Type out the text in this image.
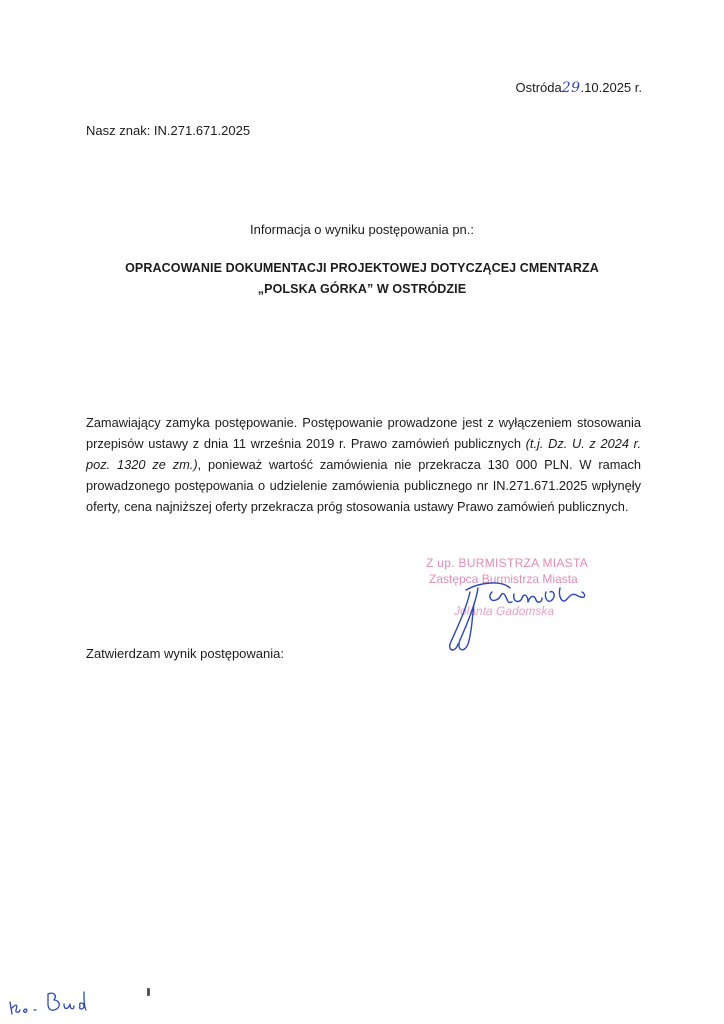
Ostróda29.10.2025 r.
Nasz znak: IN.271.671.2025
Informacja o wyniku postępowania pn.:
OPRACOWANIE DOKUMENTACJI PROJEKTOWEJ DOTYCZĄCEJ CMENTARZA
„POLSKA GÓRKA” W OSTRÓDZIE
Zamawiający zamyka postępowanie. Postępowanie prowadzone jest z wyłączeniem stosowania przepisów ustawy z dnia 11 września 2019 r. Prawo zamówień publicznych (t.j. Dz. U. z 2024 r. poz. 1320 ze zm.), ponieważ wartość zamówienia nie przekracza 130 000 PLN. W ramach prowadzonego postępowania o udzielenie zamówienia publicznego nr IN.271.671.2025 wpłynęły oferty, cena najniższej oferty przekracza próg stosowania ustawy Prawo zamówień publicznych.
Z up. BURMISTRZA MIASTA
Zastępca Burmistrza Miasta
Jolanta Gadomska
Zatwierdzam wynik postępowania:
